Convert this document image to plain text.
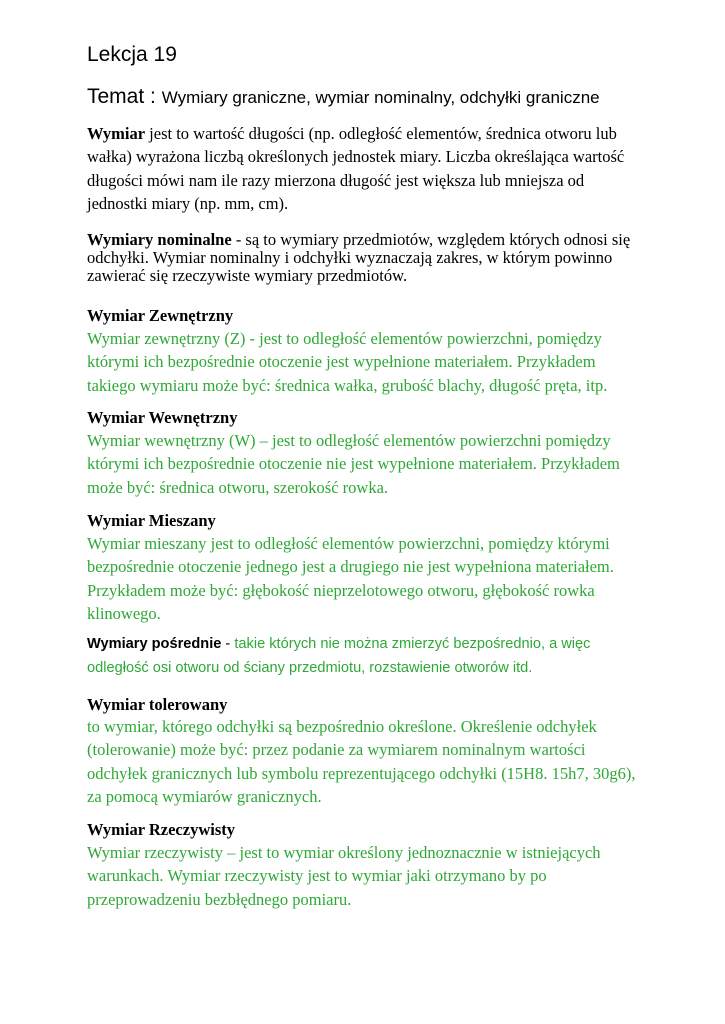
Lekcja 19
Temat : Wymiary graniczne, wymiar nominalny, odchyłki graniczne
Wymiar jest to wartość długości (np. odległość elementów, średnica otworu lub
wałka) wyrażona liczbą określonych jednostek miary. Liczba określająca wartość
długości mówi nam ile razy mierzona długość jest większa lub mniejsza od
jednostki miary (np. mm, cm).
Wymiary nominalne - są to wymiary przedmiotów, względem których odnosi się
odchyłki. Wymiar nominalny i odchyłki wyznaczają zakres, w którym powinno
zawierać się rzeczywiste wymiary przedmiotów.
Wymiar Zewnętrzny
Wymiar zewnętrzny (Z) - jest to odległość elementów powierzchni, pomiędzy
którymi ich bezpośrednie otoczenie jest wypełnione materiałem. Przykładem
takiego wymiaru może być: średnica wałka, grubość blachy, długość pręta, itp.
Wymiar Wewnętrzny
Wymiar wewnętrzny (W) – jest to odległość elementów powierzchni pomiędzy
którymi ich bezpośrednie otoczenie nie jest wypełnione materiałem. Przykładem
może być: średnica otworu, szerokość rowka.
Wymiar Mieszany
Wymiar mieszany jest to odległość elementów powierzchni, pomiędzy którymi
bezpośrednie otoczenie jednego jest a drugiego nie jest wypełniona materiałem.
Przykładem może być: głębokość nieprzelotowego otworu, głębokość rowka
klinowego.
Wymiary pośrednie - takie których nie można zmierzyć bezpośrednio, a więc
odległość osi otworu od ściany przedmiotu, rozstawienie otworów itd.
Wymiar tolerowany
to wymiar, którego odchyłki są bezpośrednio określone. Określenie odchyłek
(tolerowanie) może być: przez podanie za wymiarem nominalnym wartości
odchyłek granicznych lub symbolu reprezentującego odchyłki (15H8. 15h7, 30g6),
za pomocą wymiarów granicznych.
Wymiar Rzeczywisty
Wymiar rzeczywisty – jest to wymiar określony jednoznacznie w istniejących
warunkach. Wymiar rzeczywisty jest to wymiar jaki otrzymano by po
przeprowadzeniu bezbłędnego pomiaru.
